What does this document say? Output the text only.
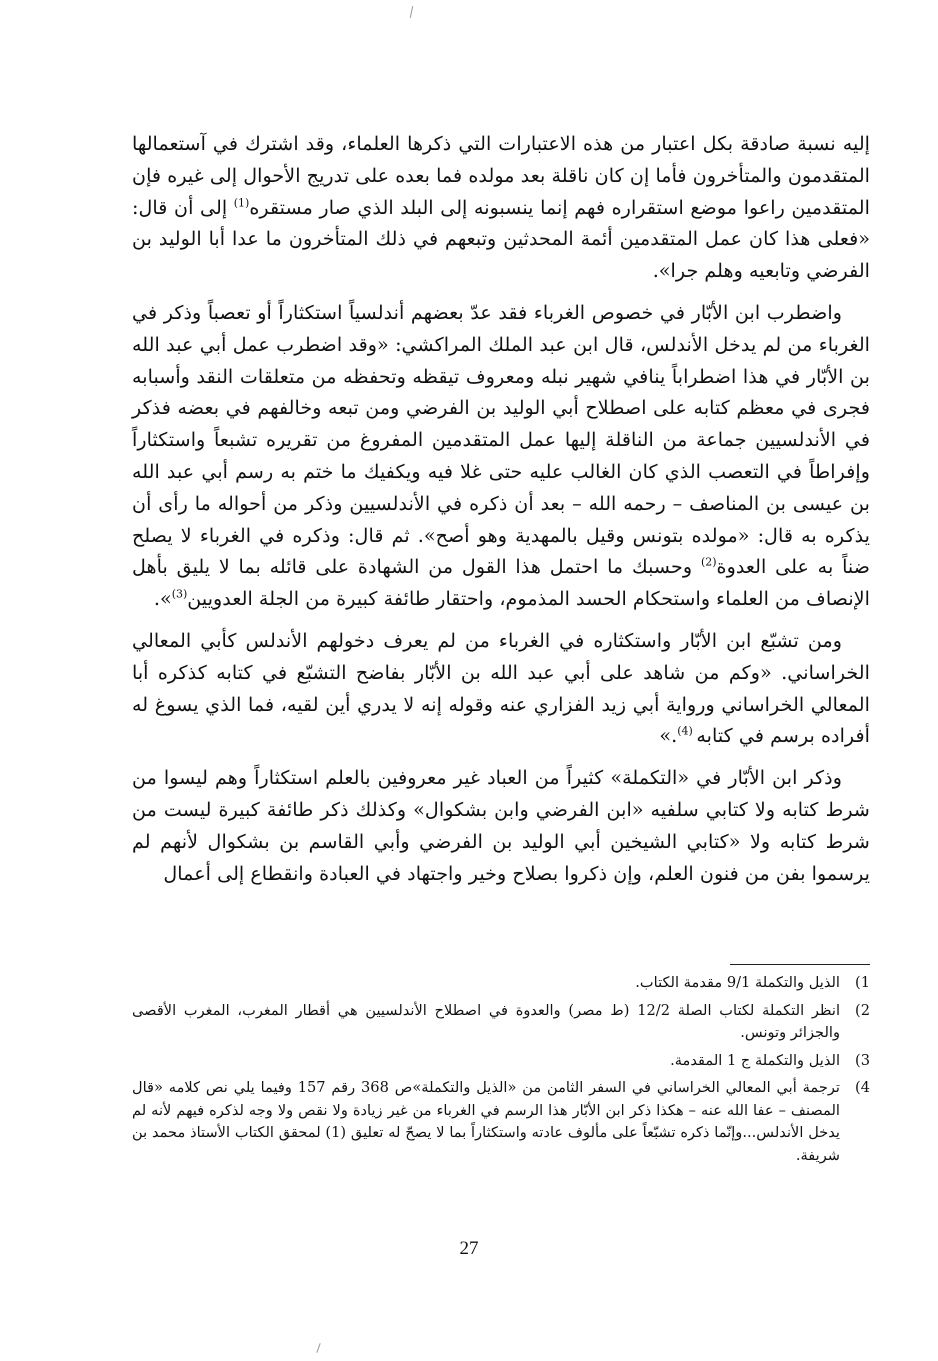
إليه نسبة صادقة بكل اعتبار من هذه الاعتبارات التي ذكرها العلماء، وقد اشترك في آستعمالها المتقدمون والمتأخرون فأما إن كان ناقلة بعد مولده فما بعده على تدريج الأحوال إلى غيره فإن المتقدمين راعوا موضع استقراره فهم إنما ينسبونه إلى البلد الذي صار مستقره$^{(1)}$ إلى أن قال: «فعلى هذا كان عمل المتقدمين أئمة المحدثين وتبعهم في ذلك المتأخرون ما عدا أبا الوليد بن الفرضي وتابعيه وهلم جرا».

واضطرب ابن الأبّار في خصوص الغرباء فقد عدّ بعضهم أندلسياً استكثاراً أو تعصباً وذكر في الغرباء من لم يدخل الأندلس، قال ابن عبد الملك المراكشي: «وقد اضطرب عمل أبي عبد الله بن الأبّار في هذا اضطراباً ينافي شهير نبله ومعروف تيقظه وتحفظه من متعلقات النقد وأسبابه فجرى في معظم كتابه على اصطلاح أبي الوليد بن الفرضي ومن تبعه وخالفهم في بعضه فذكر في الأندلسيين جماعة من الناقلة إليها عمل المتقدمين المفروغ من تقريره تشبعاً واستكثاراً وإفراطاً في التعصب الذي كان الغالب عليه حتى غلا فيه ويكفيك ما ختم به رسم أبي عبد الله بن عيسى بن المناصف – رحمه الله – بعد أن ذكره في الأندلسيين وذكر من أحواله ما رأى أن يذكره به قال: «مولده بتونس وقيل بالمهدية وهو أصح». ثم قال: وذكره في الغرباء لا يصلح ضناً به على العدوة$^{(2)}$ وحسبك ما احتمل هذا القول من الشهادة على قائله بما لا يليق بأهل الإنصاف من العلماء واستحكام الحسد المذموم، واحتقار طائفة كبيرة من الجلة العدويين$^{(3)}$».

ومن تشبّع ابن الأبّار واستكثاره في الغرباء من لم يعرف دخولهم الأندلس كأبي المعالي الخراساني. «وكم من شاهد على أبي عبد الله بن الأبّار بفاضح التشبّع في كتابه كذكره أبا المعالي الخراساني ورواية أبي زيد الفزاري عنه وقوله إنه لا يدري أين لقيه، فما الذي يسوغ له أفراده برسم في كتابه $^{(4)}$.»

وذكر ابن الأبّار في «التكملة» كثيراً من العباد غير معروفين بالعلم استكثاراً وهم ليسوا من شرط كتابه ولا كتابي سلفيه «ابن الفرضي وابن بشكوال» وكذلك ذكر طائفة كبيرة ليست من شرط كتابه ولا «كتابي الشيخين أبي الوليد بن الفرضي وأبي القاسم بن بشكوال لأنهم لم يرسموا بفن من فنون العلم، وإن ذكروا بصلاح وخير واجتهاد في العبادة وانقطاع إلى أعمال

1)
الذيل والتكملة 9/1 مقدمة الكتاب.
2)
انظر التكملة لكتاب الصلة 12/2 (ط مصر) والعدوة في اصطلاح الأندلسيين هي أقطار المغرب، المغرب الأقصى والجزائر وتونس.
3)
الذيل والتكملة ج 1 المقدمة.
4)
ترجمة أبي المعالي الخراساني في السفر الثامن من «الذيل والتكملة»ص 368 رقم 157 وفيما يلي نص كلامه «قال المصنف – عفا الله عنه – هكذا ذكر ابن الأبّار هذا الرسم في الغرباء من غير زيادة ولا نقص ولا وجه لذكره فيهم لأنه لم يدخل الأندلس...وإنّما ذكره تشبّعاً على مألوف عادته واستكثاراً بما لا يصحّ له تعليق (1) لمحقق الكتاب الأستاذ محمد بن شريفة.
27
